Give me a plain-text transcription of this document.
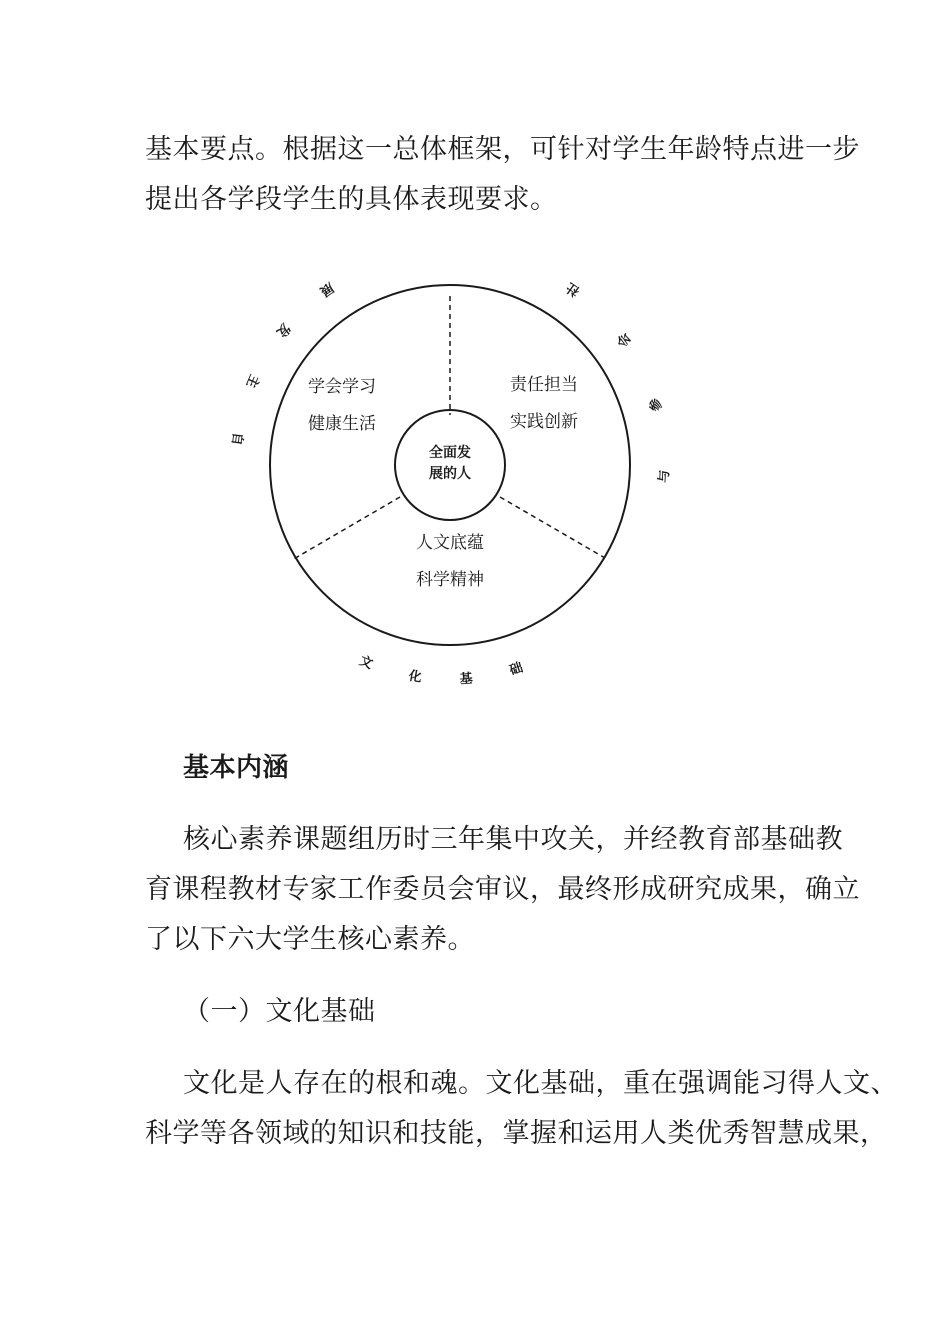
基本要点。根据这一总体框架，可针对学生年龄特点进一步

提出各学段学生的具体表现要求。

全面发
展的人
学会学习
健康生活
责任担当
实践创新
人文底蕴
科学精神
自
主
发
展	社
会
参
与
文
化	基
础

基本内涵

核心素养课题组历时三年集中攻关，并经教育部基础教

育课程教材专家工作委员会审议，最终形成研究成果，确立

了以下六大学生核心素养。

（一）文化基础

文化是人存在的根和魂。文化基础，重在强调能习得人文、

科学等各领域的知识和技能，掌握和运用人类优秀智慧成果，
